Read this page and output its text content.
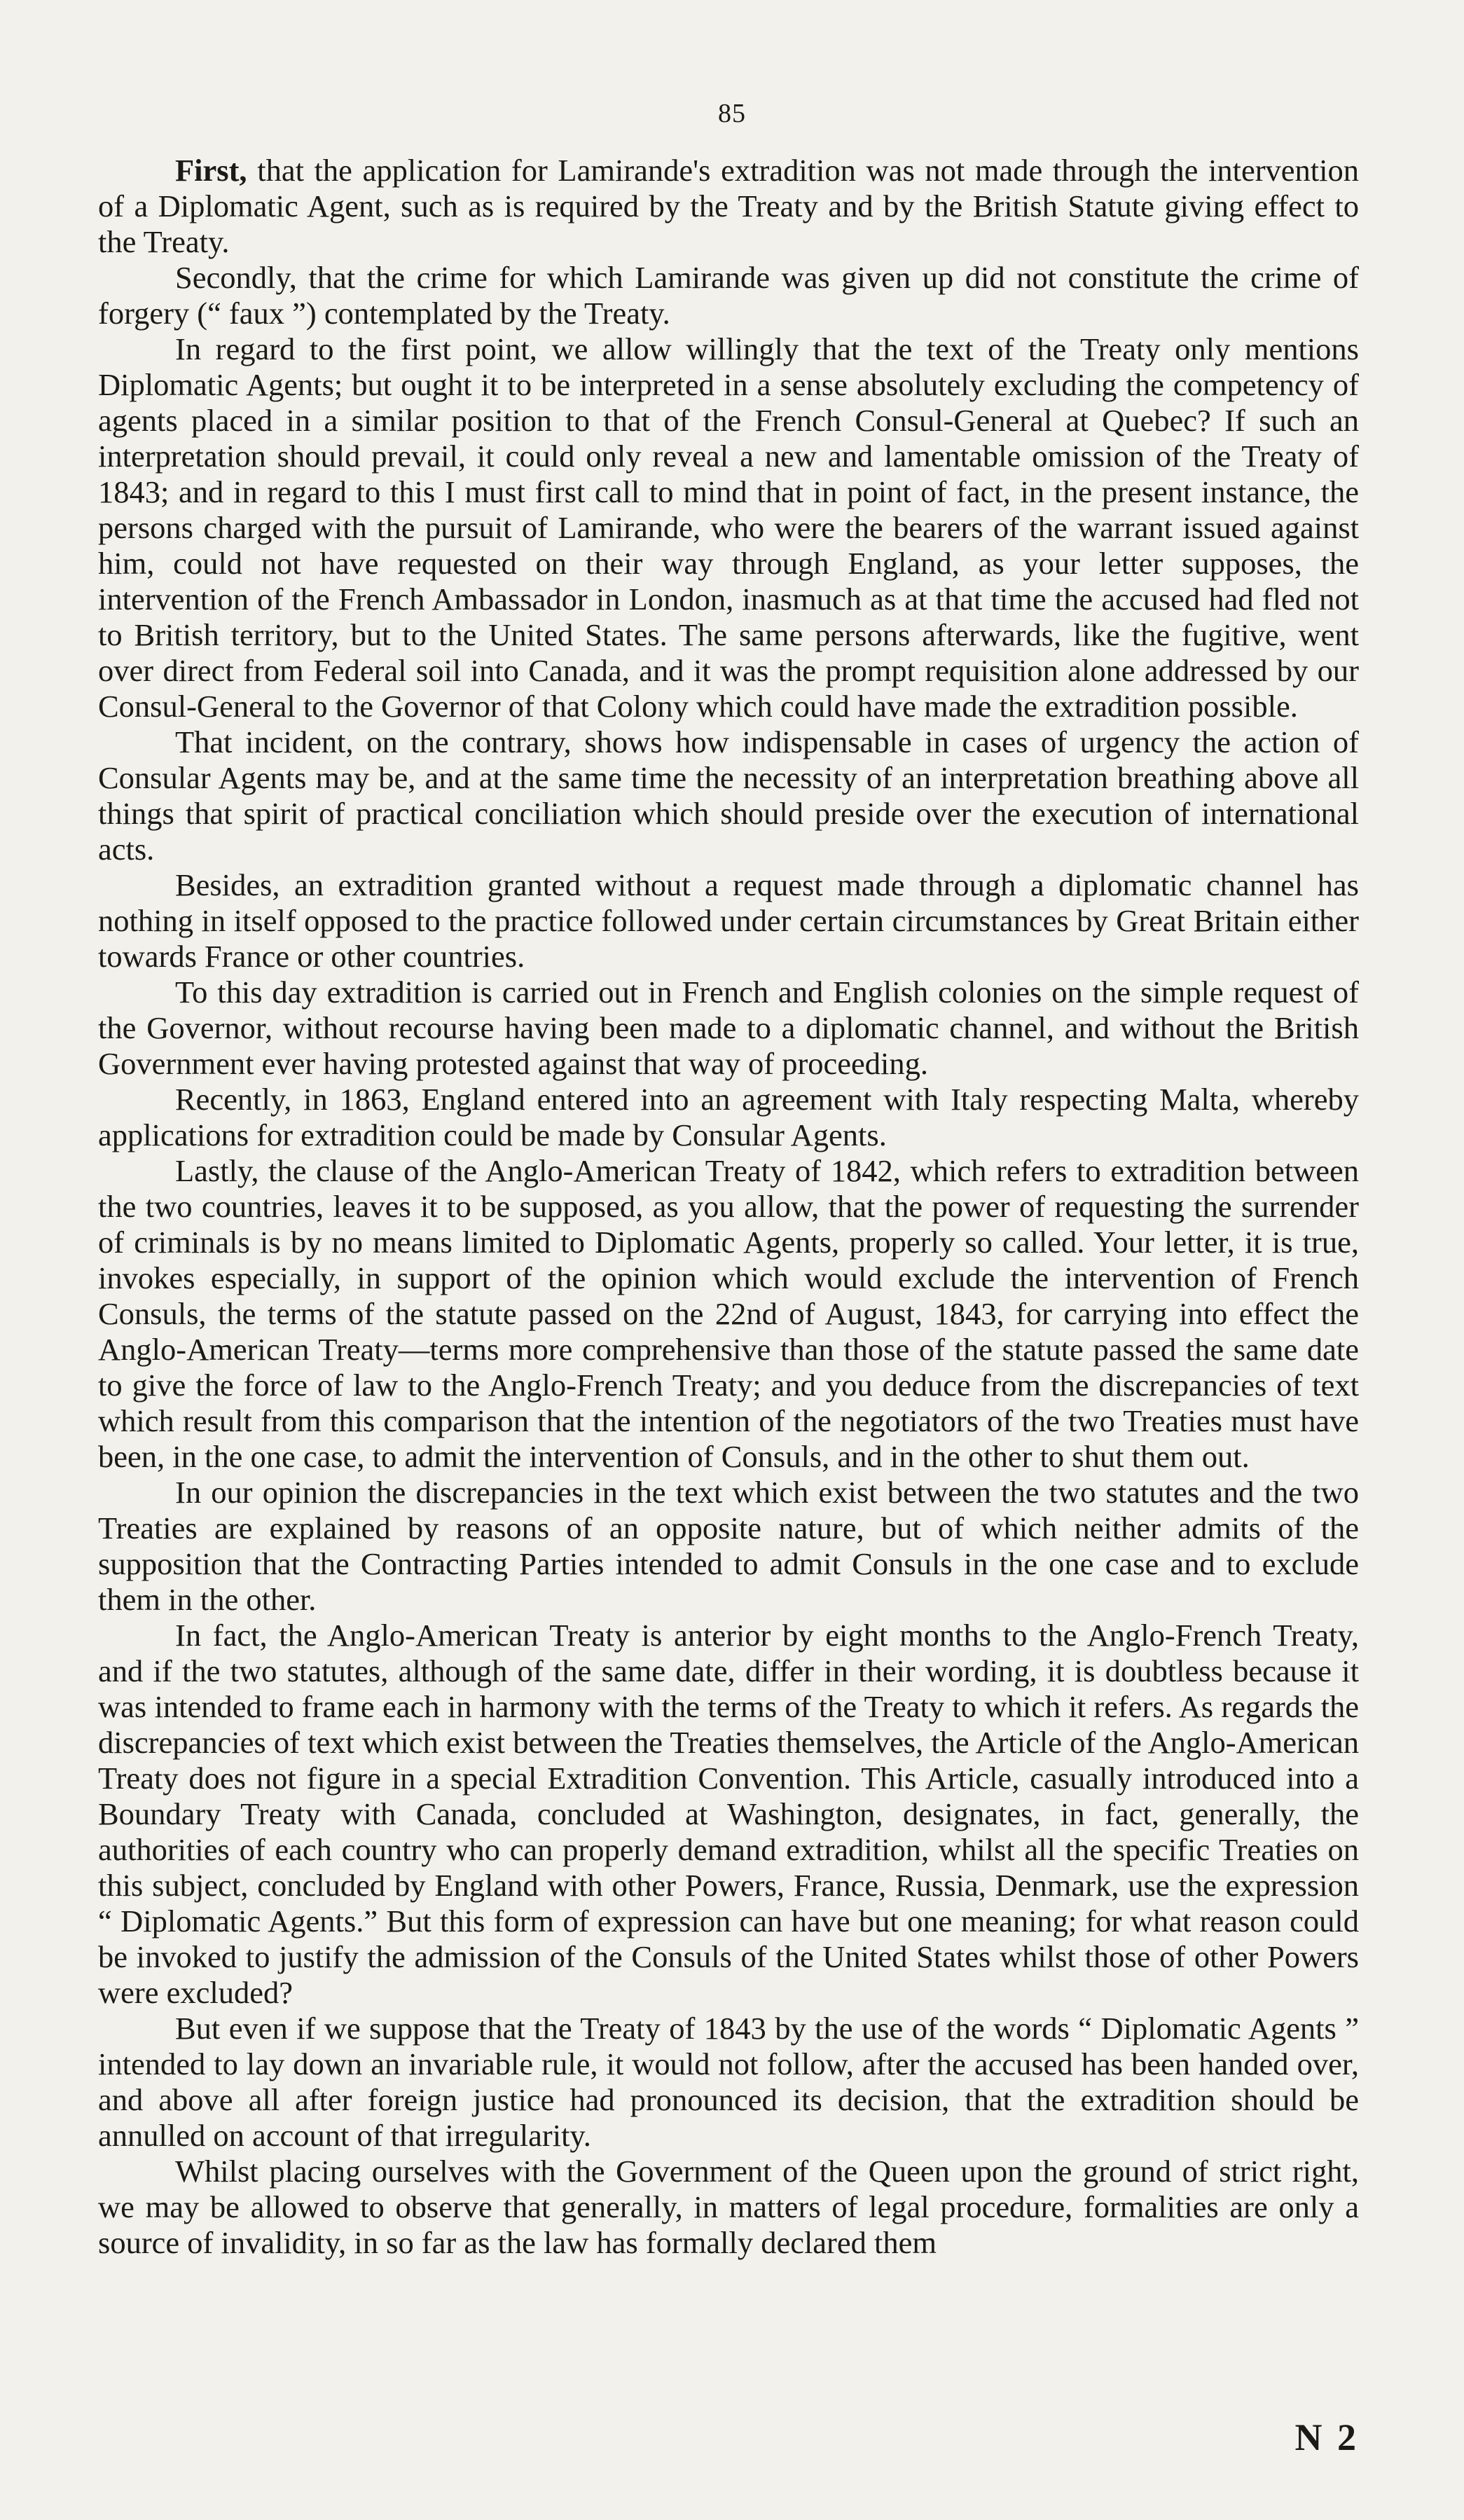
85

First, that the application for Lamirande's extradition was not made through the intervention of a Diplomatic Agent, such as is required by the Treaty and by the British Statute giving effect to the Treaty.

Secondly, that the crime for which Lamirande was given up did not constitute the crime of forgery (“ faux ”) contemplated by the Treaty.

In regard to the first point, we allow willingly that the text of the Treaty only mentions Diplomatic Agents; but ought it to be interpreted in a sense absolutely excluding the competency of agents placed in a similar position to that of the French Consul-General at Quebec? If such an interpretation should prevail, it could only reveal a new and lamentable omission of the Treaty of 1843; and in regard to this I must first call to mind that in point of fact, in the present instance, the persons charged with the pursuit of Lamirande, who were the bearers of the warrant issued against him, could not have requested on their way through England, as your letter supposes, the intervention of the French Ambassador in London, inasmuch as at that time the accused had fled not to British territory, but to the United States. The same persons afterwards, like the fugitive, went over direct from Federal soil into Canada, and it was the prompt requisition alone addressed by our Consul-General to the Governor of that Colony which could have made the extradition possible.

That incident, on the contrary, shows how indispensable in cases of urgency the action of Consular Agents may be, and at the same time the necessity of an interpretation breathing above all things that spirit of practical conciliation which should preside over the execution of international acts.

Besides, an extradition granted without a request made through a diplomatic channel has nothing in itself opposed to the practice followed under certain circumstances by Great Britain either towards France or other countries.

To this day extradition is carried out in French and English colonies on the simple request of the Governor, without recourse having been made to a diplomatic channel, and without the British Government ever having protested against that way of proceeding.

Recently, in 1863, England entered into an agreement with Italy respecting Malta, whereby applications for extradition could be made by Consular Agents.

Lastly, the clause of the Anglo-American Treaty of 1842, which refers to extradition between the two countries, leaves it to be supposed, as you allow, that the power of requesting the surrender of criminals is by no means limited to Diplomatic Agents, properly so called. Your letter, it is true, invokes especially, in support of the opinion which would exclude the intervention of French Consuls, the terms of the statute passed on the 22nd of August, 1843, for carrying into effect the Anglo-American Treaty—terms more comprehensive than those of the statute passed the same date to give the force of law to the Anglo-French Treaty; and you deduce from the discrepancies of text which result from this comparison that the intention of the negotiators of the two Treaties must have been, in the one case, to admit the intervention of Consuls, and in the other to shut them out.

In our opinion the discrepancies in the text which exist between the two statutes and the two Treaties are explained by reasons of an opposite nature, but of which neither admits of the supposition that the Contracting Parties intended to admit Consuls in the one case and to exclude them in the other.

In fact, the Anglo-American Treaty is anterior by eight months to the Anglo-French Treaty, and if the two statutes, although of the same date, differ in their wording, it is doubtless because it was intended to frame each in harmony with the terms of the Treaty to which it refers. As regards the discrepancies of text which exist between the Treaties themselves, the Article of the Anglo-American Treaty does not figure in a special Extradition Convention. This Article, casually introduced into a Boundary Treaty with Canada, concluded at Washington, designates, in fact, generally, the authorities of each country who can properly demand extradition, whilst all the specific Treaties on this subject, concluded by England with other Powers, France, Russia, Denmark, use the expression “ Diplomatic Agents.” But this form of expression can have but one meaning; for what reason could be invoked to justify the admission of the Consuls of the United States whilst those of other Powers were excluded?

But even if we suppose that the Treaty of 1843 by the use of the words “ Diplomatic Agents ” intended to lay down an invariable rule, it would not follow, after the accused has been handed over, and above all after foreign justice had pronounced its decision, that the extradition should be annulled on account of that irregularity.

Whilst placing ourselves with the Government of the Queen upon the ground of strict right, we may be allowed to observe that generally, in matters of legal procedure, formalities are only a source of invalidity, in so far as the law has formally declared them

N 2
